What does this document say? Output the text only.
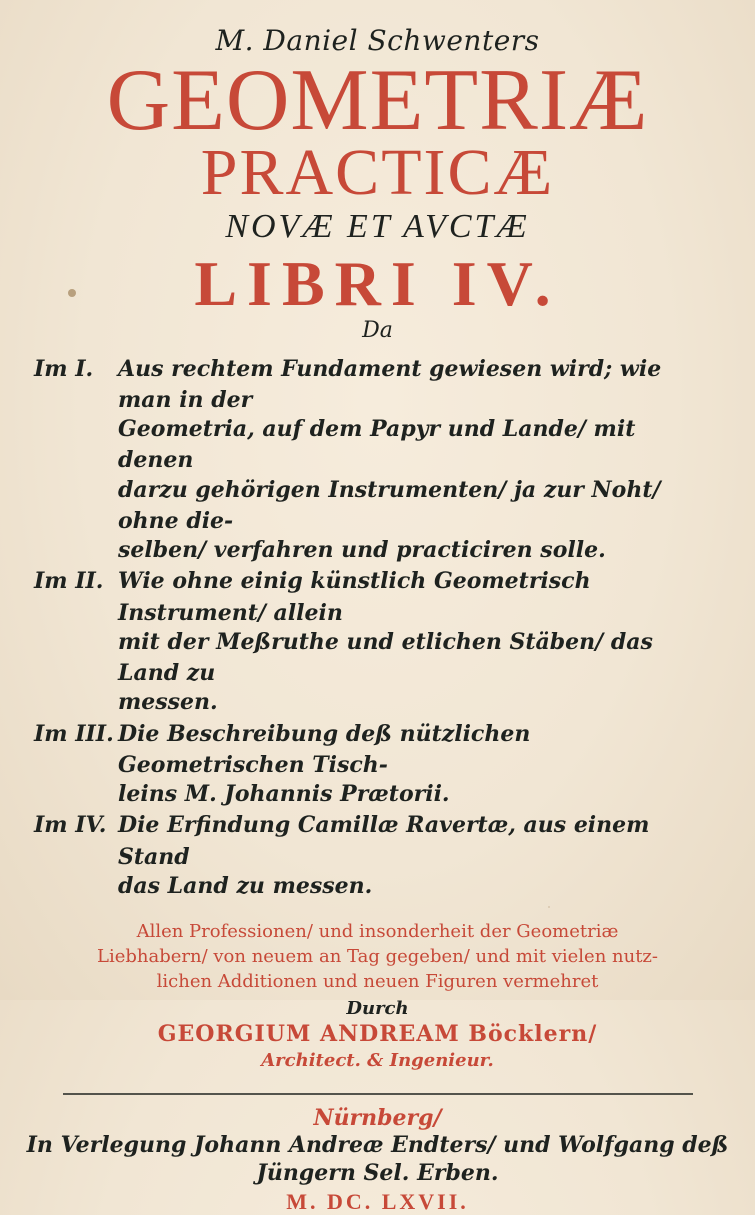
M. Daniel Schwenters
GEOMETRIÆ
PRACTICÆ
NOVÆ ET AVCTÆ
LIBRI IV.
Da
Im I.	Aus rechtem Fundament gewiesen wird; wie man in der
Geometria, auf dem Papyr und Lande/ mit denen
darzu gehörigen Instrumenten/ ja zur Noht/ ohne die-
selben/ verfahren und practiciren solle.
Im II. Wie ohne einig künstlich Geometrisch Instrument/ allein
mit der Meßruthe und etlichen Stäben/ das Land zu
messen.
Im III. Die Beschreibung deß nützlichen Geometrischen Tisch-
leins M. Johannis Prætorii.
Im IV. Die Erfindung Camillæ Ravertæ, aus einem Stand
das Land zu messen.
Allen Professionen/ und insonderheit der Geometriæ
Liebhabern/ von neuem an Tag gegeben/ und mit vielen nutz-
lichen Additionen und neuen Figuren vermehret
Durch
GEORGIUM ANDREAM Böcklern/
Architect. & Ingenieur.
Nürnberg/
In Verlegung Johann Andreæ Endters/ und Wolfgang deß
Jüngern Sel. Erben.
M. DC. LXVII.
